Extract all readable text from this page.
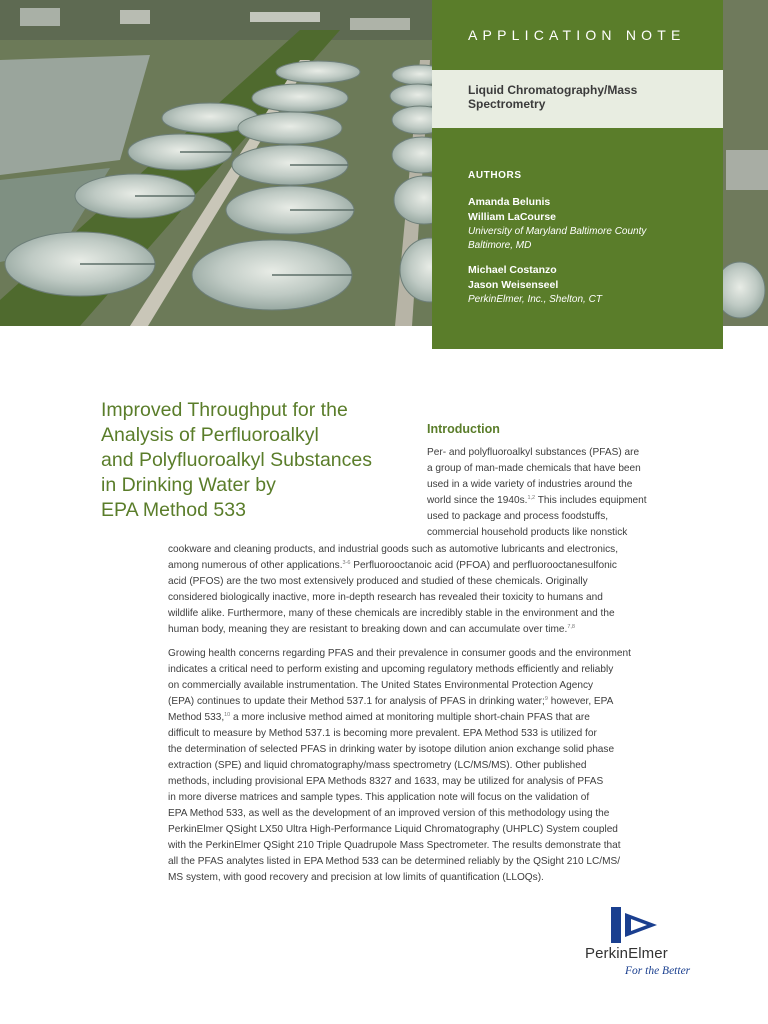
APPLICATION NOTE
Liquid Chromatography/Mass Spectrometry
AUTHORS
Amanda Belunis
William LaCourse
University of Maryland Baltimore County
Baltimore, MD
Michael Costanzo
Jason Weisenseel
PerkinElmer, Inc., Shelton, CT
Improved Throughput for the
Analysis of Perfluoroalkyl
and Polyfluoroalkyl Substances
in Drinking Water by
EPA Method 533
Introduction
Per- and polyfluoroalkyl substances (PFAS) are
a group of man-made chemicals that have been
used in a wide variety of industries around the
world since the 1940s.$^{1,2}$ This includes equipment
used to package and process foodstuffs,
commercial household products like nonstick
cookware and cleaning products, and industrial goods such as automotive lubricants and electronics,
among numerous of other applications.$^{3-6}$ Perfluorooctanoic acid (PFOA) and perfluorooctanesulfonic
acid (PFOS) are the two most extensively produced and studied of these chemicals. Originally
considered biologically inactive, more in-depth research has revealed their toxicity to humans and
wildlife alike. Furthermore, many of these chemicals are incredibly stable in the environment and the
human body, meaning they are resistant to breaking down and can accumulate over time.$^{7,8}$
Growing health concerns regarding PFAS and their prevalence in consumer goods and the environment
indicates a critical need to perform existing and upcoming regulatory methods efficiently and reliably
on commercially available instrumentation. The United States Environmental Protection Agency
(EPA) continues to update their Method 537.1 for analysis of PFAS in drinking water;$^9$ however, EPA
Method 533,10 a more inclusive method aimed at monitoring multiple short-chain PFAS that are
difficult to measure by Method 537.1 is becoming more prevalent. EPA Method 533 is utilized for
the determination of selected PFAS in drinking water by isotope dilution anion exchange solid phase
extraction (SPE) and liquid chromatography/mass spectrometry (LC/MS/MS). Other published
methods, including provisional EPA Methods 8327 and 1633, may be utilized for analysis of PFAS
in more diverse matrices and sample types. This application note will focus on the validation of
EPA Method 533, as well as the development of an improved version of this methodology using the
PerkinElmer QSight LX50 Ultra High-Performance Liquid Chromatography (UHPLC) System coupled
with the PerkinElmer QSight 210 Triple Quadrupole Mass Spectrometer. The results demonstrate that
all the PFAS analytes listed in EPA Method 533 can be determined reliably by the QSight 210 LC/MS/
MS system, with good recovery and precision at low limits of quantification (LLOQs).
PerkinElmer
For the Better
